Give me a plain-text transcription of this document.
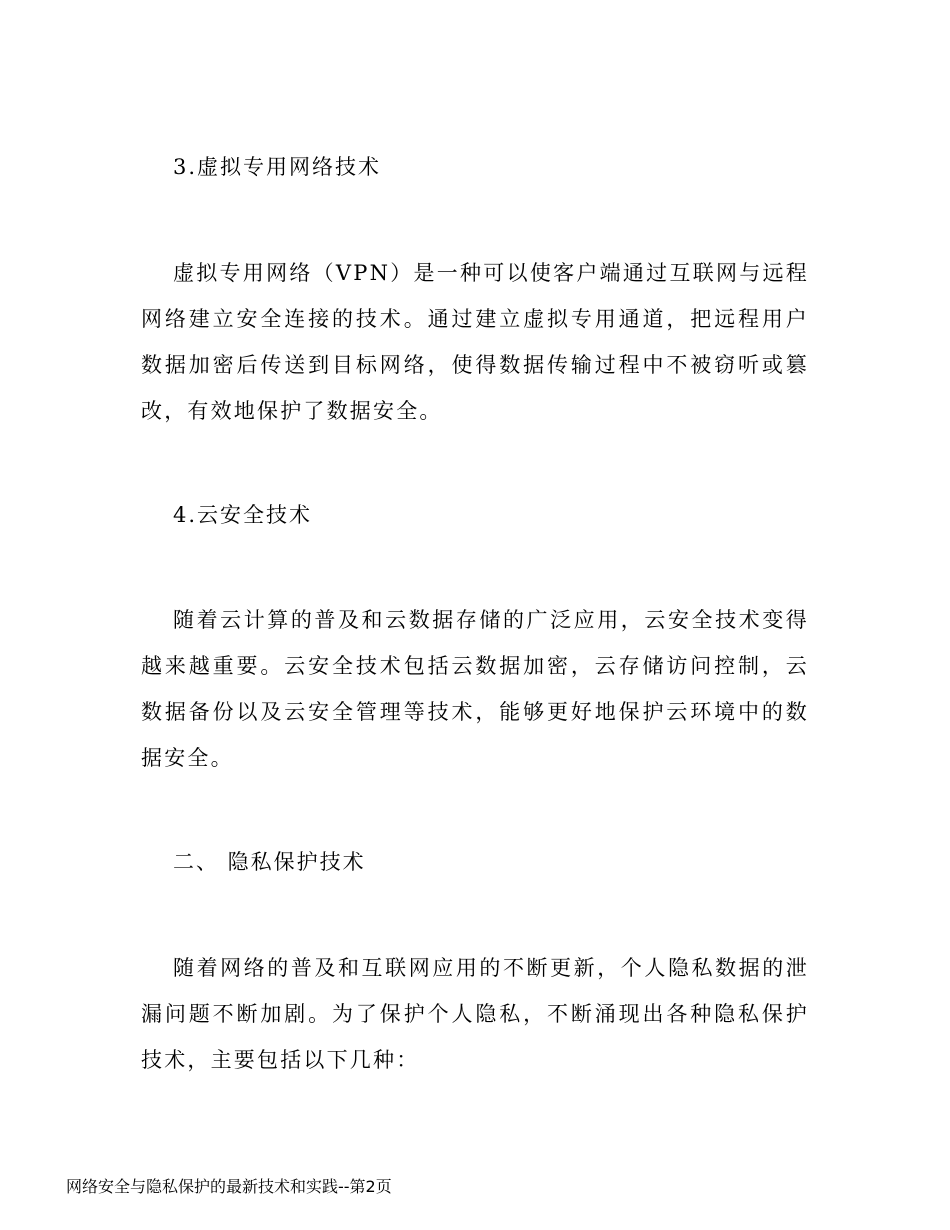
3.虚拟专用网络技术

虚拟专用网络（VPN）是一种可以使客户端通过互联网与远程网络建立安全连接的技术。通过建立虚拟专用通道，把远程用户数据加密后传送到目标网络，使得数据传输过程中不被窃听或篡改，有效地保护了数据安全。

4.云安全技术

随着云计算的普及和云数据存储的广泛应用，云安全技术变得越来越重要。云安全技术包括云数据加密，云存储访问控制，云数据备份以及云安全管理等技术，能够更好地保护云环境中的数据安全。

二、 隐私保护技术

随着网络的普及和互联网应用的不断更新，个人隐私数据的泄漏问题不断加剧。为了保护个人隐私，不断涌现出各种隐私保护技术，主要包括以下几种：

网络安全与隐私保护的最新技术和实践--第2页
